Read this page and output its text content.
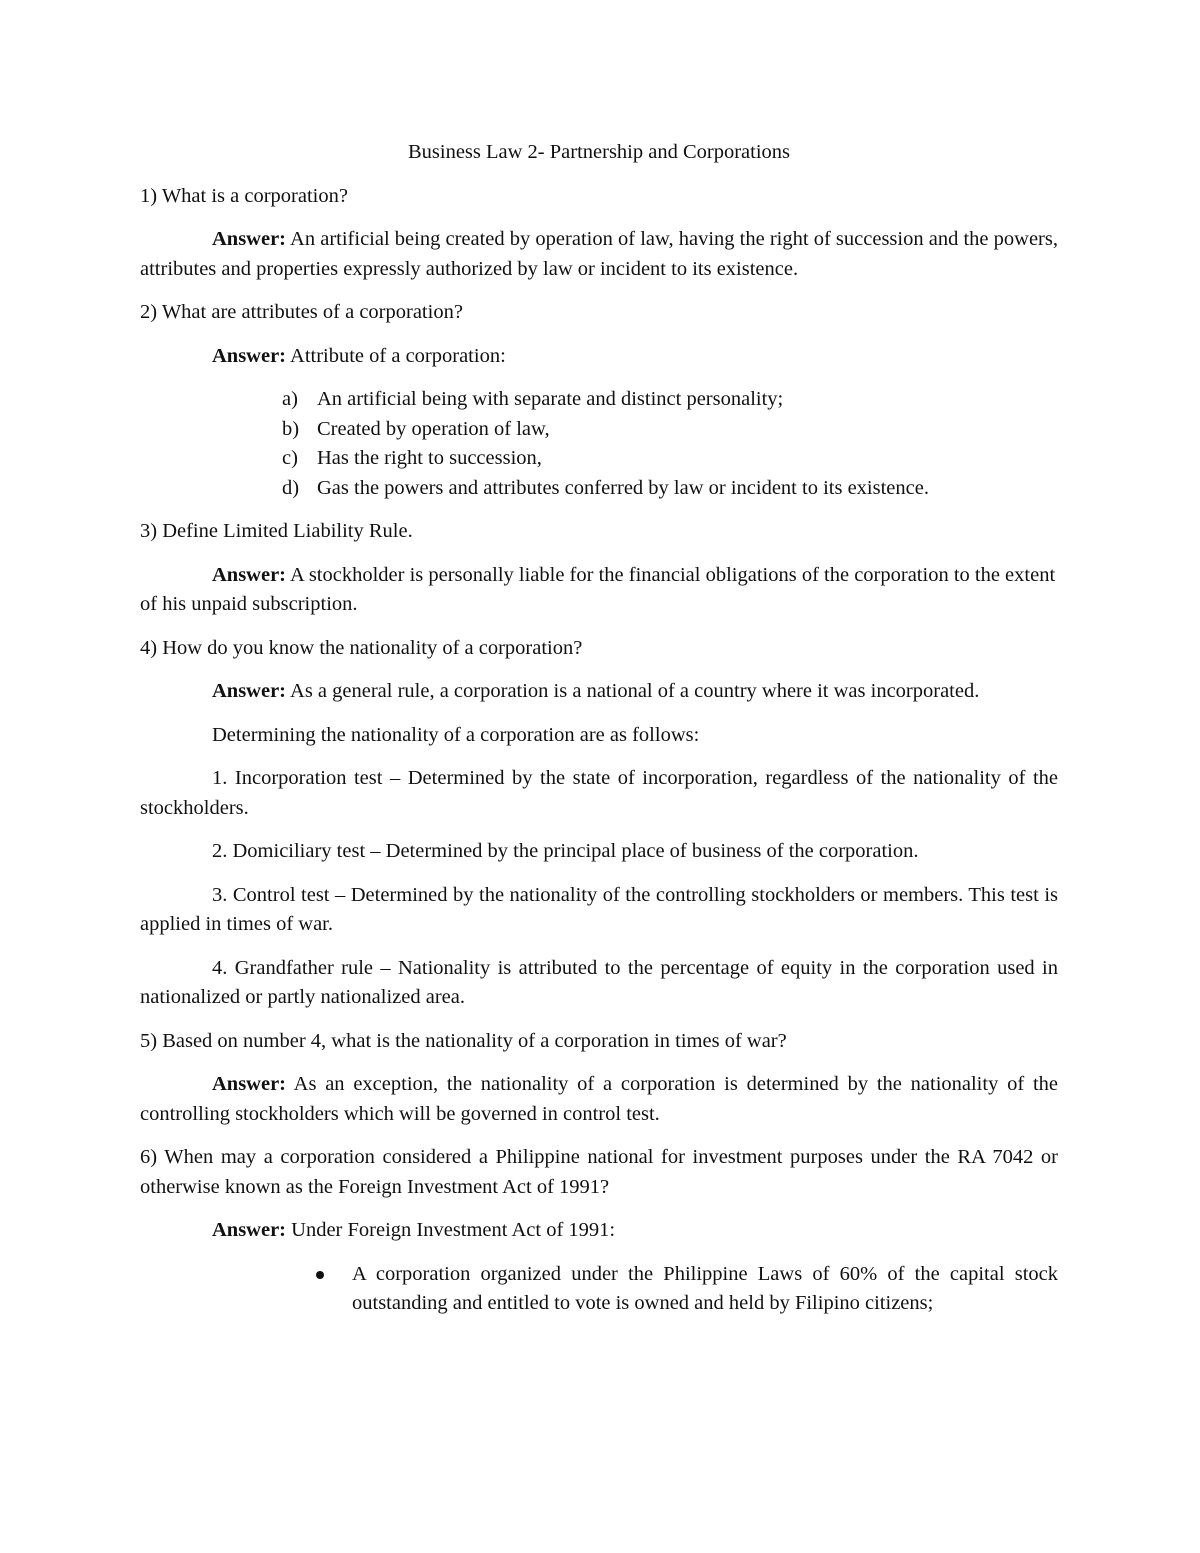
Business Law 2- Partnership and Corporations
1) What is a corporation?
Answer: An artificial being created by operation of law, having the right of succession and the powers, attributes and properties expressly authorized by law or incident to its existence.
2) What are attributes of a corporation?
Answer: Attribute of a corporation:
a) An artificial being with separate and distinct personality;
b) Created by operation of law,
c) Has the right to succession,
d) Gas the powers and attributes conferred by law or incident to its existence.
3) Define Limited Liability Rule.
Answer: A stockholder is personally liable for the financial obligations of the corporation to the extent of his unpaid subscription.
4) How do you know the nationality of a corporation?
Answer: As a general rule, a corporation is a national of a country where it was incorporated.
Determining the nationality of a corporation are as follows:
1. Incorporation test – Determined by the state of incorporation, regardless of the nationality of the stockholders.
2. Domiciliary test – Determined by the principal place of business of the corporation.
3. Control test – Determined by the nationality of the controlling stockholders or members. This test is applied in times of war.
4. Grandfather rule – Nationality is attributed to the percentage of equity in the corporation used in nationalized or partly nationalized area.
5) Based on number 4, what is the nationality of a corporation in times of war?
Answer: As an exception, the nationality of a corporation is determined by the nationality of the controlling stockholders which will be governed in control test.
6) When may a corporation considered a Philippine national for investment purposes under the RA 7042 or otherwise known as the Foreign Investment Act of 1991?
Answer: Under Foreign Investment Act of 1991:
A corporation organized under the Philippine Laws of 60% of the capital stock outstanding and entitled to vote is owned and held by Filipino citizens;
